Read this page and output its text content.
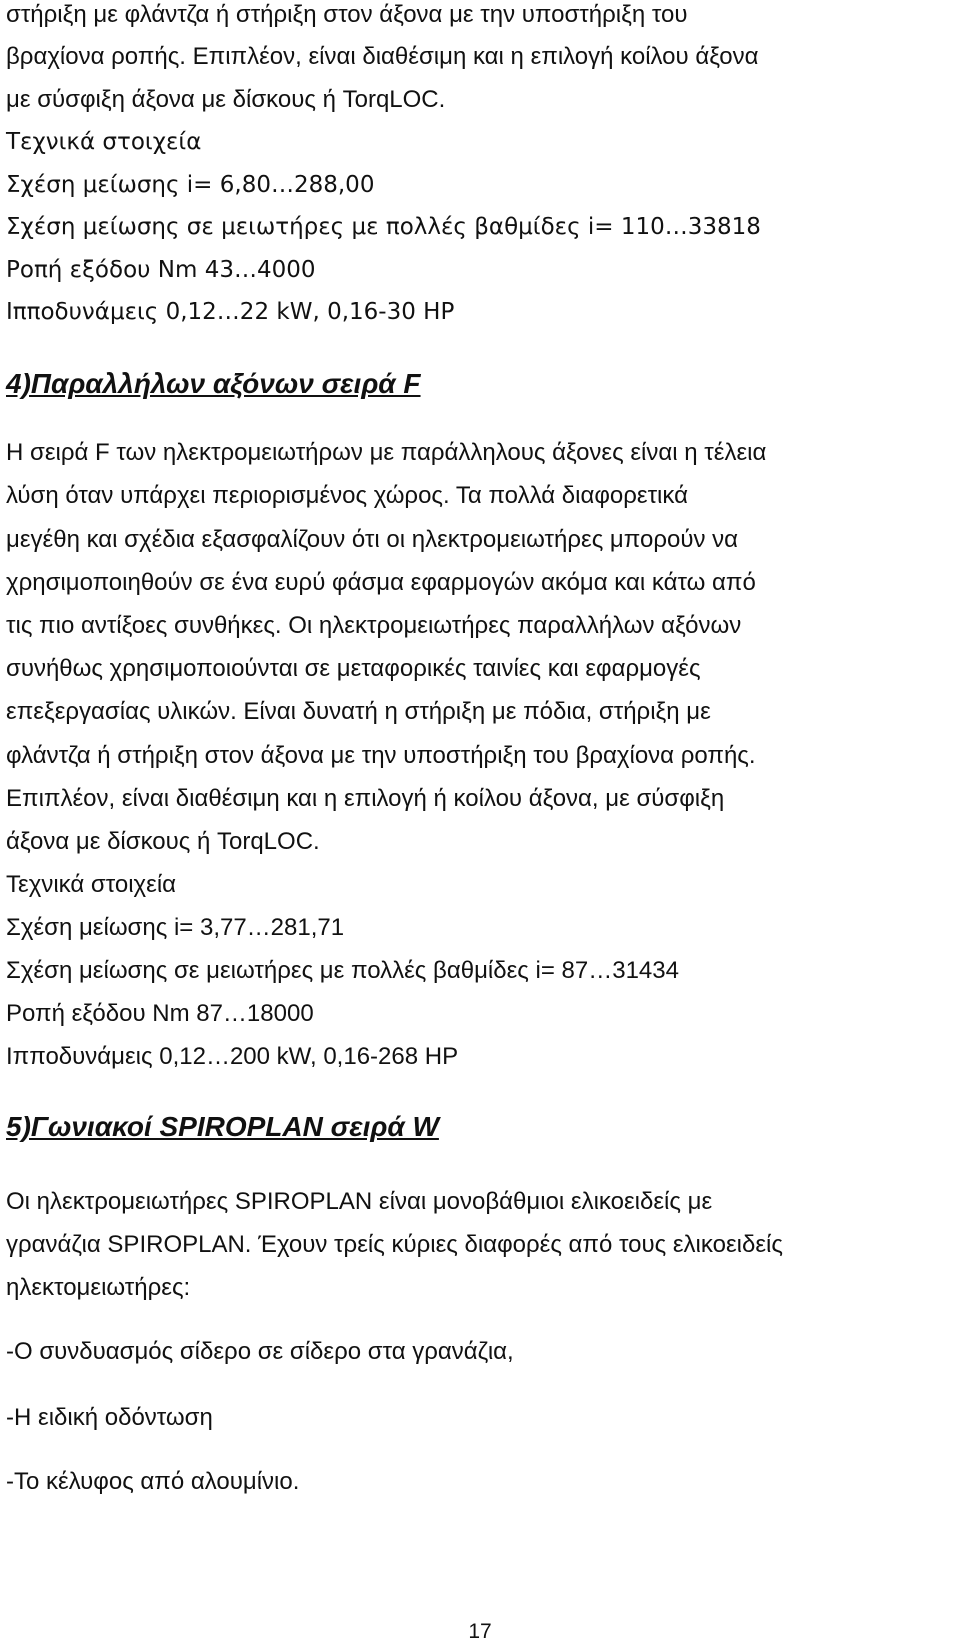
στήριξη με φλάντζα ή στήριξη στον άξονα με την υποστήριξη του
βραχίονα ροπής. Επιπλέον, είναι διαθέσιμη και η επιλογή κοίλου άξονα
με σύσφιξη άξονα με δίσκους ή TorqLOC.
Τεχνικά στοιχεία
Σχέση μείωσης i= 6,80…288,00
Σχέση μείωσης σε μειωτήρες με πολλές βαθμίδες i= 110…33818
Ροπή εξόδου Nm 43…4000
Ιπποδυνάμεις 0,12…22 kW, 0,16-30 HP
4)Παραλλήλων αξόνων σειρά F
Η σειρά F των ηλεκτρομειωτήρων με παράλληλους άξονες είναι η τέλεια
λύση όταν υπάρχει περιορισμένος χώρος. Τα πολλά διαφορετικά
μεγέθη και σχέδια εξασφαλίζουν ότι οι ηλεκτρομειωτήρες μπορούν να
χρησιμοποιηθούν σε ένα ευρύ φάσμα εφαρμογών ακόμα και κάτω από
τις πιο αντίξοες συνθήκες. Οι ηλεκτρομειωτήρες παραλλήλων αξόνων
συνήθως χρησιμοποιούνται σε μεταφορικές ταινίες και εφαρμογές
επεξεργασίας υλικών. Είναι δυνατή η στήριξη με πόδια, στήριξη με
φλάντζα ή στήριξη στον άξονα με την υποστήριξη του βραχίονα ροπής.
Επιπλέον, είναι διαθέσιμη και η επιλογή ή κοίλου άξονα, με σύσφιξη
άξονα με δίσκους ή TorqLOC.
Τεχνικά στοιχεία
Σχέση μείωσης i= 3,77…281,71
Σχέση μείωσης σε μειωτήρες με πολλές βαθμίδες i= 87…31434
Ροπή εξόδου Nm 87…18000
Ιπποδυνάμεις 0,12…200 kW, 0,16-268 HP
5)Γωνιακοί SPIROPLAN σειρά W
Οι ηλεκτρομειωτήρες SPIROPLAN είναι μονοβάθμιοι ελικοειδείς με
γρανάζια SPIROPLAN. Έχουν τρείς κύριες διαφορές από τους ελικοειδείς
ηλεκτομειωτήρες:
-Ο συνδυασμός σίδερο σε σίδερο στα γρανάζια,
-Η ειδική οδόντωση
-Το κέλυφος από αλουμίνιο.
17
